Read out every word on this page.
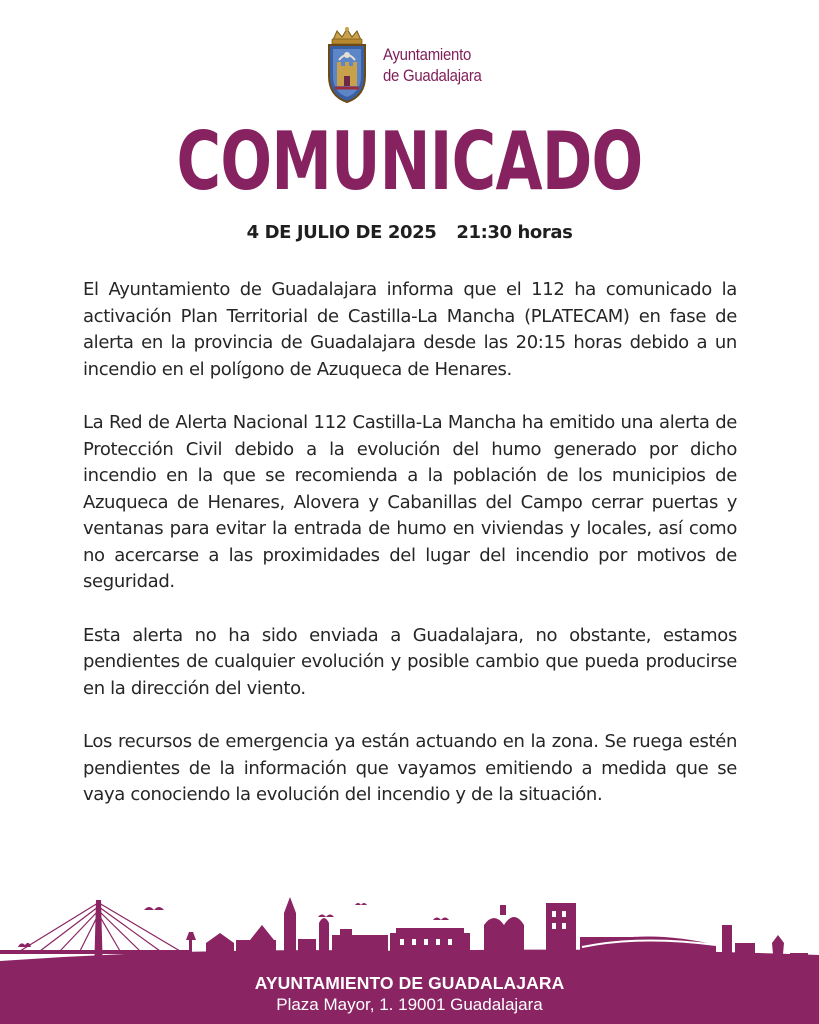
Ayuntamiento
de Guadalajara
COMUNICADO
4 DE JULIO DE 2025 21:30 horas

El Ayuntamiento de Guadalajara informa que el 112 ha comunicado la activación Plan Territorial de Castilla-La Mancha (PLATECAM) en fase de alerta en la provincia de Guadalajara desde las 20:15 horas debido a un incendio en el polígono de Azuqueca de Henares.

La Red de Alerta Nacional 112 Castilla-La Mancha ha emitido una alerta de Protección Civil debido a la evolución del humo generado por dicho incendio en la que se recomienda a la población de los municipios de Azuqueca de Henares, Alovera y Cabanillas del Campo cerrar puertas y ventanas para evitar la entrada de humo en viviendas y locales, así como no acercarse a las proximidades del lugar del incendio por motivos de seguridad.

Esta alerta no ha sido enviada a Guadalajara, no obstante, estamos pendientes de cualquier evolución y posible cambio que pueda producirse en la dirección del viento.

Los recursos de emergencia ya están actuando en la zona. Se ruega estén pendientes de la información que vayamos emitiendo a medida que se vaya conociendo la evolución del incendio y de la situación.

AYUNTAMIENTO DE GUADALAJARA
Plaza Mayor, 1. 19001 Guadalajara
